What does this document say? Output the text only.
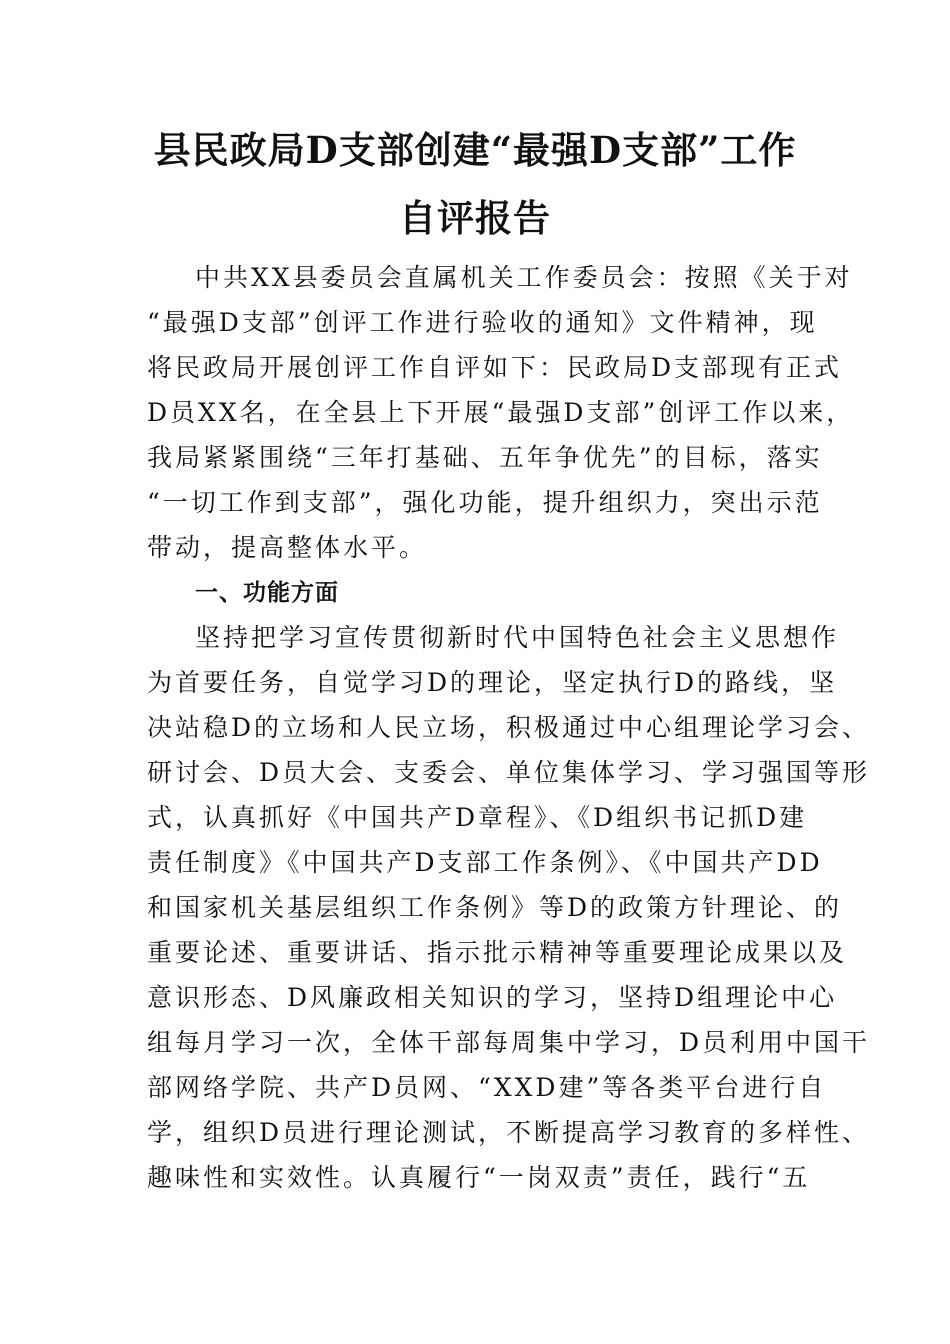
县民政局D支部创建“最强D支部”工作
自评报告
中共XX县委员会直属机关工作委员会：按照《关于对
“最强D支部”创评工作进行验收的通知》文件精神，现
将民政局开展创评工作自评如下：民政局D支部现有正式
D员XX名，在全县上下开展“最强D支部”创评工作以来，
我局紧紧围绕“三年打基础、五年争优先”的目标，落实
“一切工作到支部”，强化功能，提升组织力，突出示范
带动，提高整体水平。
一、功能方面
坚持把学习宣传贯彻新时代中国特色社会主义思想作
为首要任务，自觉学习D的理论，坚定执行D的路线，坚
决站稳D的立场和人民立场，积极通过中心组理论学习会、
研讨会、D员大会、支委会、单位集体学习、学习强国等形
式，认真抓好《中国共产D章程》、《D组织书记抓D建
责任制度》《中国共产D支部工作条例》、《中国共产DD
和国家机关基层组织工作条例》等D的政策方针理论、的
重要论述、重要讲话、指示批示精神等重要理论成果以及
意识形态、D风廉政相关知识的学习，坚持D组理论中心
组每月学习一次，全体干部每周集中学习，D员利用中国干
部网络学院、共产D员网、“XXD建”等各类平台进行自
学，组织D员进行理论测试，不断提高学习教育的多样性、
趣味性和实效性。认真履行“一岗双责”责任，践行“五
